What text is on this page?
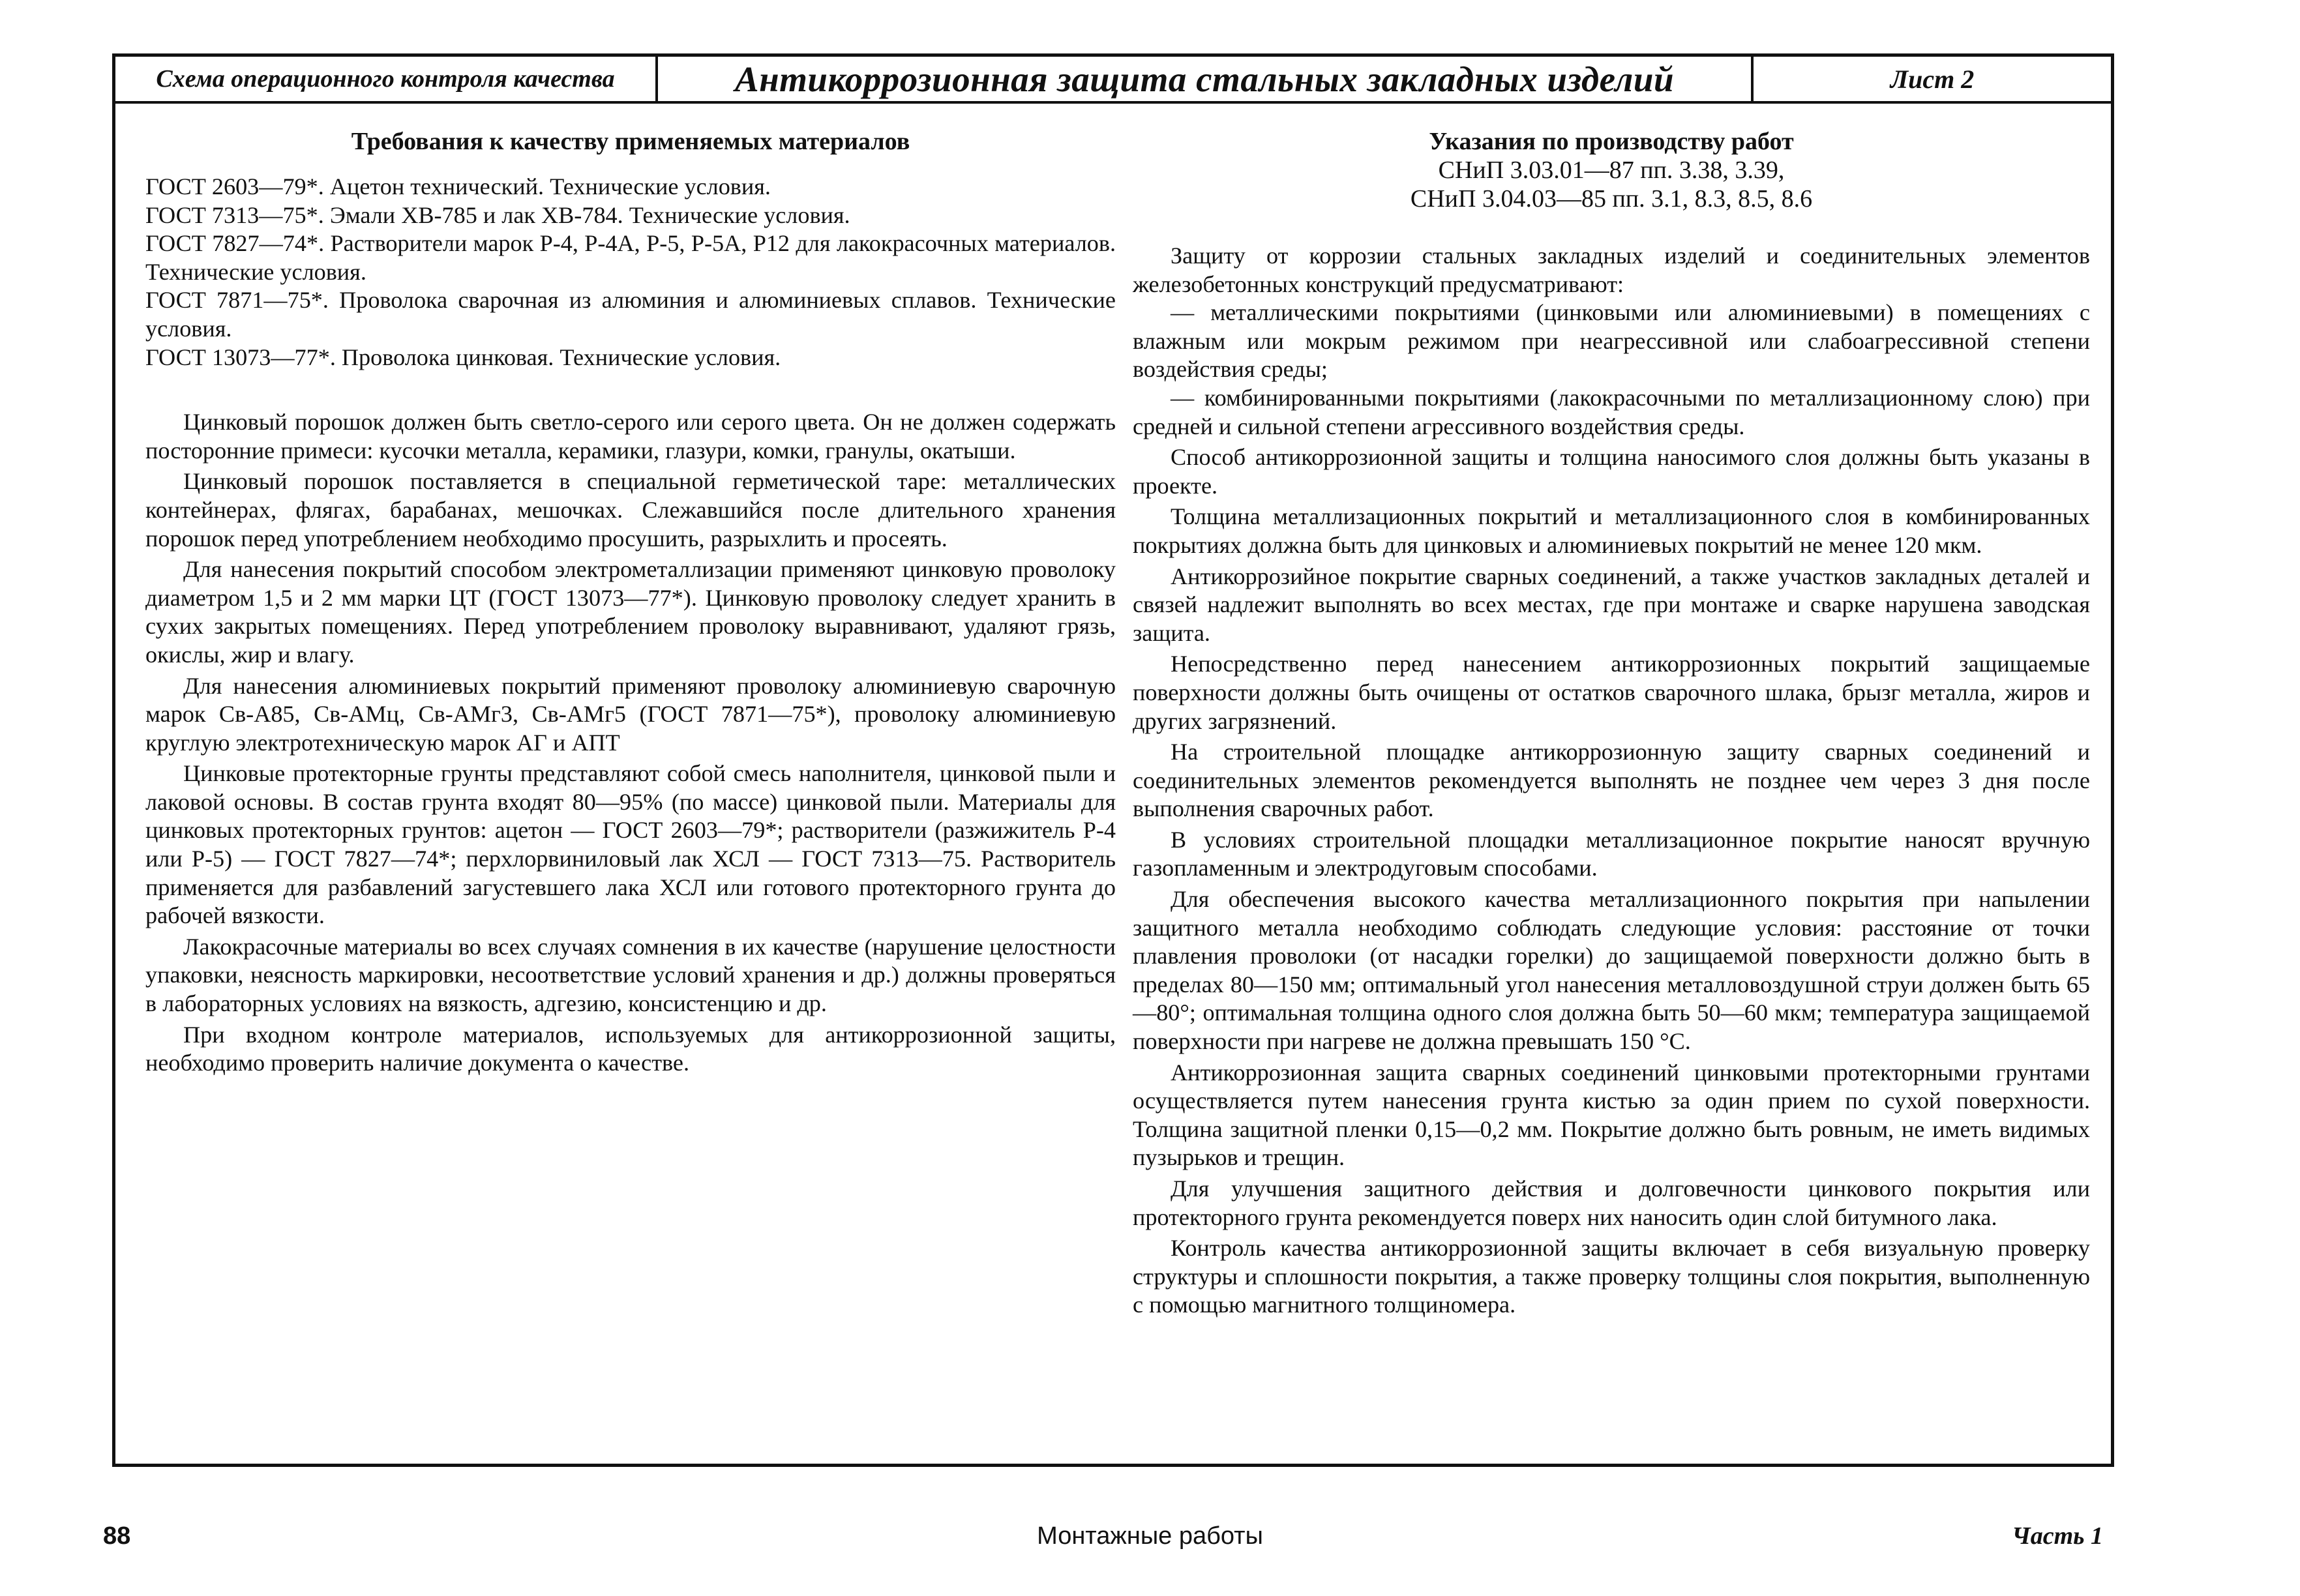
Схема операционного контроля качества	Антикоррозионная защита стальных закладных изделий	Лист 2
Требования к качеству применяемых материалов

ГОСТ 2603—79*. Ацетон технический. Технические условия.

ГОСТ 7313—75*. Эмали ХВ-785 и лак ХВ-784. Технические условия.

ГОСТ 7827—74*. Растворители марок Р-4, Р-4А, Р-5, Р-5А, Р12 для лакокрасочных материалов. Технические условия.

ГОСТ 7871—75*. Проволока сварочная из алюминия и алюминиевых сплавов. Технические условия.

ГОСТ 13073—77*. Проволока цинковая. Технические условия.

Цинковый порошок должен быть светло-серого или серого цвета. Он не должен содержать посторонние примеси: кусочки металла, керамики, глазури, комки, гранулы, окатыши.

Цинковый порошок поставляется в специальной герметической таре: металлических контейнерах, флягах, барабанах, мешочках. Слежавшийся после длительного хранения порошок перед употреблением необходимо просушить, разрыхлить и просеять.

Для нанесения покрытий способом электрометаллизации применяют цинковую проволоку диаметром 1,5 и 2 мм марки ЦТ (ГОСТ 13073—77*). Цинковую проволоку следует хранить в сухих закрытых помещениях. Перед употреблением проволоку выравнивают, удаляют грязь, окислы, жир и влагу.

Для нанесения алюминиевых покрытий применяют проволоку алюминиевую сварочную марок Св-А85, Св-АМц, Св-АМг3, Св-АМг5 (ГОСТ 7871—75*), проволоку алюминиевую круглую электротехническую марок АГ и АПТ

Цинковые протекторные грунты представляют собой смесь наполнителя, цинковой пыли и лаковой основы. В состав грунта входят 80—95% (по массе) цинковой пыли. Материалы для цинковых протекторных грунтов: ацетон — ГОСТ 2603—79*; растворители (разжижитель Р-4 или Р-5) — ГОСТ 7827—74*; перхлорвиниловый лак ХСЛ — ГОСТ 7313—75. Растворитель применяется для разбавлений загустевшего лака ХСЛ или готового протекторного грунта до рабочей вязкости.

Лакокрасочные материалы во всех случаях сомнения в их качестве (нарушение целостности упаковки, неясность маркировки, несоответствие условий хранения и др.) должны проверяться в лабораторных условиях на вязкость, адгезию, консистенцию и др.

При входном контроле материалов, используемых для антикоррозионной защиты, необходимо проверить наличие документа о качестве.

Указания по производству работ
СНиП 3.03.01—87 пп. 3.38, 3.39,
СНиП 3.04.03—85 пп. 3.1, 8.3, 8.5, 8.6

Защиту от коррозии стальных закладных изделий и соединительных элементов железобетонных конструкций предусматривают:

— металлическими покрытиями (цинковыми или алюминиевыми) в помещениях с влажным или мокрым режимом при неагрессивной или слабоагрессивной степени воздействия среды;

— комбинированными покрытиями (лакокрасочными по металлизационному слою) при средней и сильной степени агрессивного воздействия среды.

Способ антикоррозионной защиты и толщина наносимого слоя должны быть указаны в проекте.

Толщина металлизационных покрытий и металлизационного слоя в комбинированных покрытиях должна быть для цинковых и алюминиевых покрытий не менее 120 мкм.

Антикоррозийное покрытие сварных соединений, а также участков закладных деталей и связей надлежит выполнять во всех местах, где при монтаже и сварке нарушена заводская защита.

Непосредственно перед нанесением антикоррозионных покрытий защищаемые поверхности должны быть очищены от остатков сварочного шлака, брызг металла, жиров и других загрязнений.

На строительной площадке антикоррозионную защиту сварных соединений и соединительных элементов рекомендуется выполнять не позднее чем через 3 дня после выполнения сварочных работ.

В условиях строительной площадки металлизационное покрытие наносят вручную газопламенным и электродуговым способами.

Для обеспечения высокого качества металлизационного покрытия при напылении защитного металла необходимо соблюдать следующие условия: расстояние от точки плавления проволоки (от насадки горелки) до защищаемой поверхности должно быть в пределах 80—150 мм; оптимальный угол нанесения металловоздушной струи должен быть 65—80°; оптимальная толщина одного слоя должна быть 50—60 мкм; температура защищаемой поверхности при нагреве не должна превышать 150 °С.

Антикоррозионная защита сварных соединений цинковыми протекторными грунтами осуществляется путем нанесения грунта кистью за один прием по сухой поверхности. Толщина защитной пленки 0,15—0,2 мм. Покрытие должно быть ровным, не иметь видимых пузырьков и трещин.

Для улучшения защитного действия и долговечности цинкового покрытия или протекторного грунта рекомендуется поверх них наносить один слой битумного лака.

Контроль качества антикоррозионной защиты включает в себя визуальную проверку структуры и сплошности покрытия, а также проверку толщины слоя покрытия, выполненную с помощью магнитного толщиномера.

88	Монтажные работы	Часть 1
